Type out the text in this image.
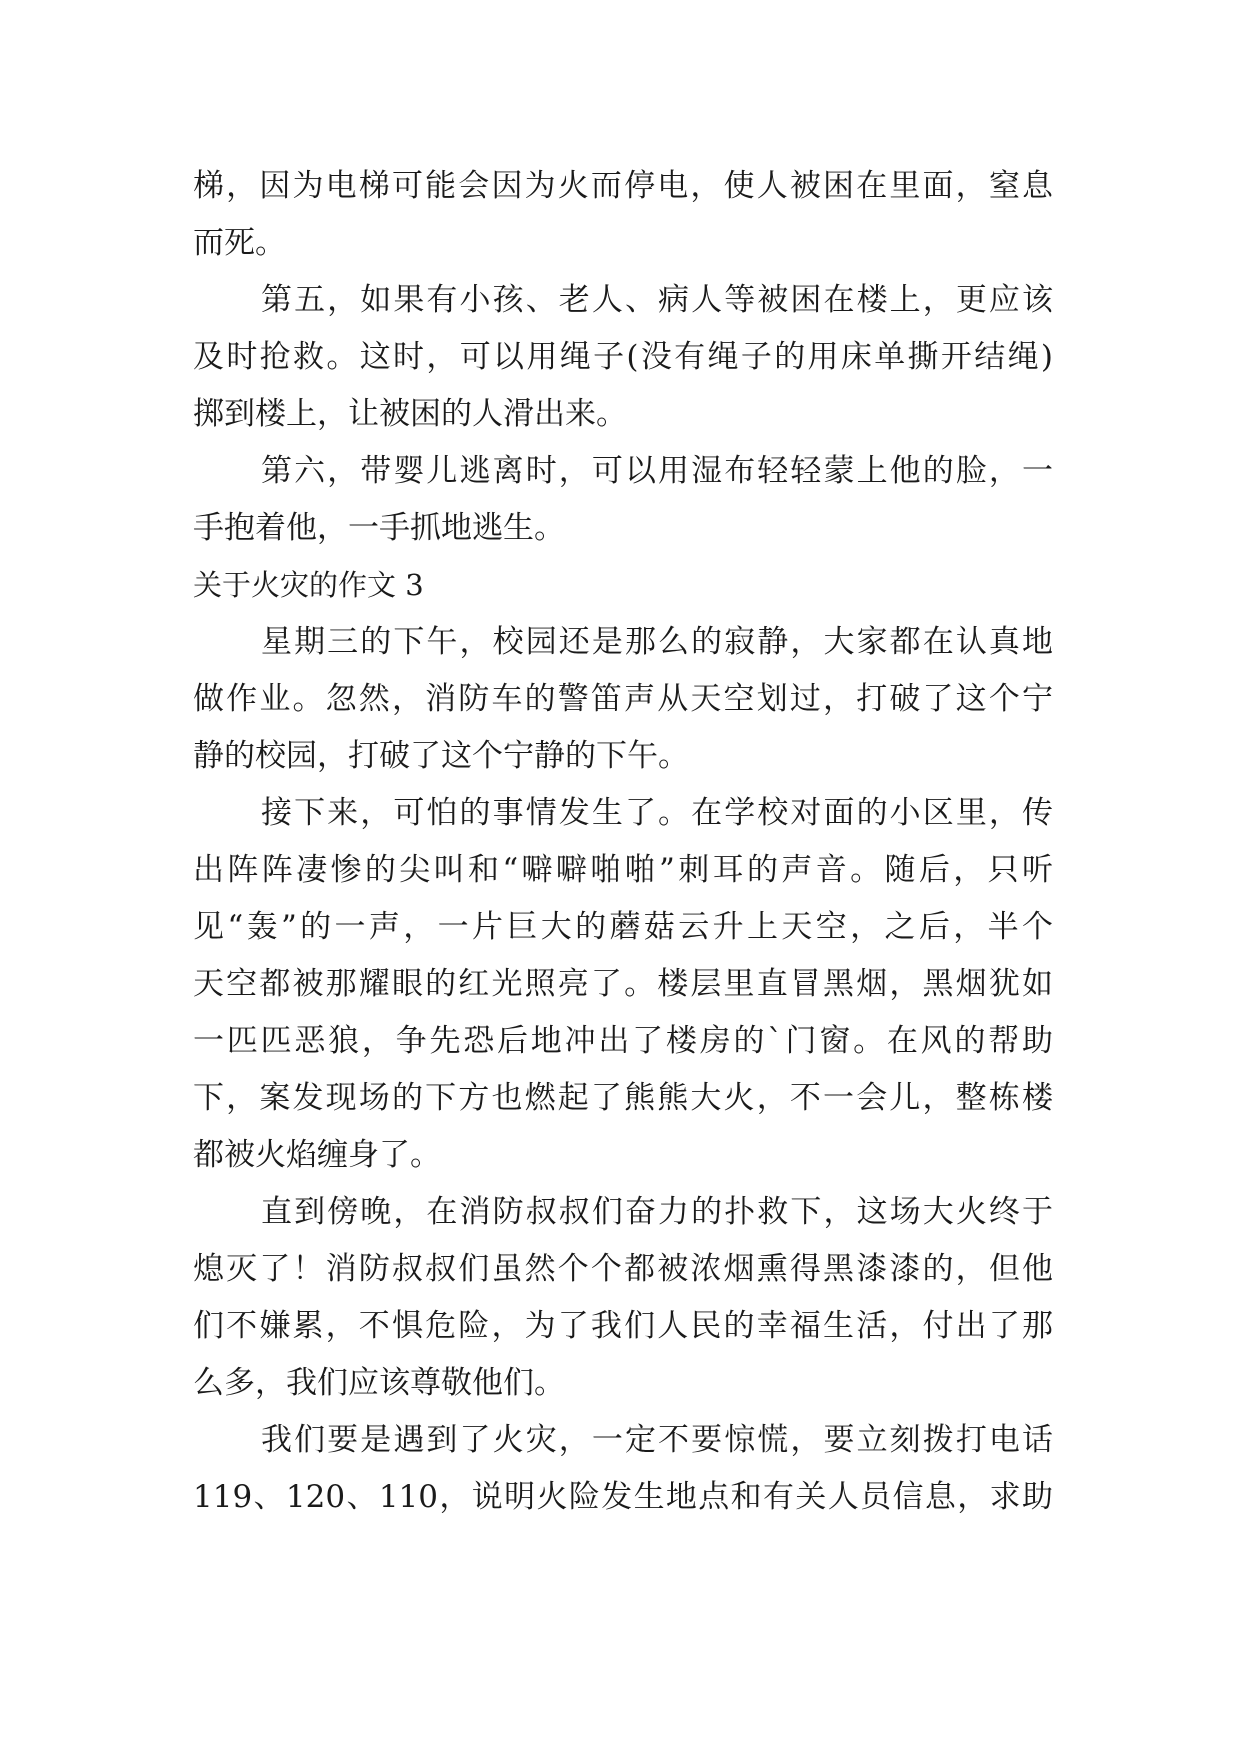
梯，因为电梯可能会因为火而停电，使人被困在里面，窒息
而死。
第五，如果有小孩、老人、病人等被困在楼上，更应该
及时抢救。这时，可以用绳子(没有绳子的用床单撕开结绳)
掷到楼上，让被困的人滑出来。
第六，带婴儿逃离时，可以用湿布轻轻蒙上他的脸，一
手抱着他，一手抓地逃生。
关于火灾的作文 3
星期三的下午，校园还是那么的寂静，大家都在认真地
做作业。忽然，消防车的警笛声从天空划过，打破了这个宁
静的校园，打破了这个宁静的下午。
接下来，可怕的事情发生了。在学校对面的小区里，传
出阵阵凄惨的尖叫和“噼噼啪啪”刺耳的声音。随后，只听
见“轰”的一声，一片巨大的蘑菇云升上天空，之后，半个
天空都被那耀眼的红光照亮了。楼层里直冒黑烟，黑烟犹如
一匹匹恶狼，争先恐后地冲出了楼房的`门窗。在风的帮助
下，案发现场的下方也燃起了熊熊大火，不一会儿，整栋楼
都被火焰缠身了。
直到傍晚，在消防叔叔们奋力的扑救下，这场大火终于
熄灭了！消防叔叔们虽然个个都被浓烟熏得黑漆漆的，但他
们不嫌累，不惧危险，为了我们人民的幸福生活，付出了那
么多，我们应该尊敬他们。
我们要是遇到了火灾，一定不要惊慌，要立刻拨打电话
119、120、110，说明火险发生地点和有关人员信息，求助
